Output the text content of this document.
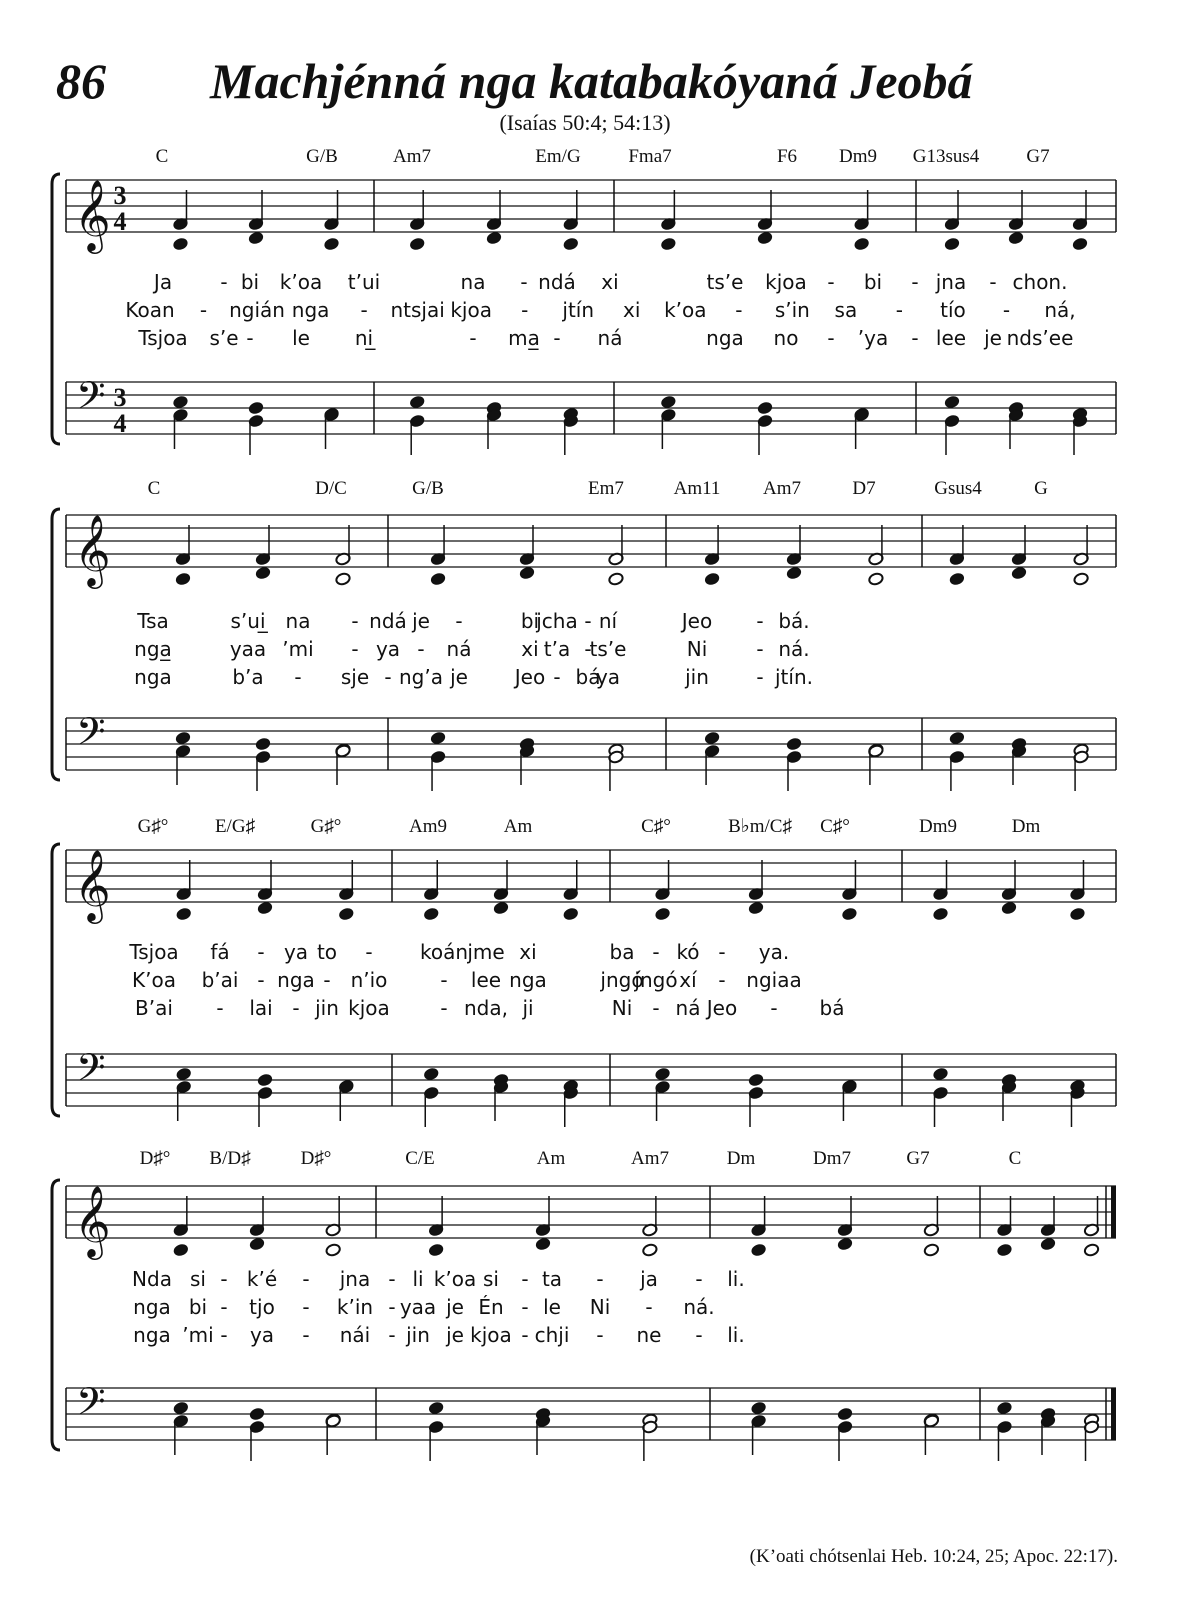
86 Machjénná nga katabakóyaná Jeobá
(Isaías 50:4; 54:13)
𝄞
𝄢
3
4
3
4
C	G/B	Am7	Em/G	Fma7	F6 Dm9 G13sus4 G7
Ja - bi k’oa t’ui	na - ndá xi	ts’e kjoa - bi - jna - chon.
Koan - ngián nga - ntsjai kjoa - jtín xi k’oa - s’in sa - tío - ná,
Tsjoa s’e - le ni̲	- ma̲ - ná	nga no - ’ya - lee je nds’ee
𝄞
𝄢
C	D/C	G/B	Em7	Am11 Am7	D7	Gsus4	G
Tsa	s’ui̲ na - ndá je -	bi
jcha - ní	Jeo - bá.
nga̲	yaa ’mi - ya - ná xi t’a -
ts’e	Ni - ná.
nga	b’a - sje - ng’a je Jeo - bá
ya	jin - jtín.
𝄞
𝄢
G♯° E/G♯	G♯°	Am9	Am	C♯°	B♭m/C♯ C♯°	Dm9	Dm
Tsjoa fá - ya to - koán jme xi	ba - kó - ya.
K’oa b’ai - nga - n’io	- lee nga	jngó
jngó xí - ngiaa
B’ai - lai - jin kjoa	- nda, ji	Ni - ná Jeo - bá
𝄞
𝄢
D♯° B/D♯	D♯°	C/E	Am	Am7	Dm	Dm7	G7	C
Nda si - k’é - jna - li k’oa si - ta - ja - li.
nga bi - tjo - k’in - yaa je Én - le Ni - ná.
nga ’mi - ya - nái - jin je kjoa - chji - ne - li.
(K’oati chótsenlai Heb. 10:24, 25; Apoc. 22:17).
